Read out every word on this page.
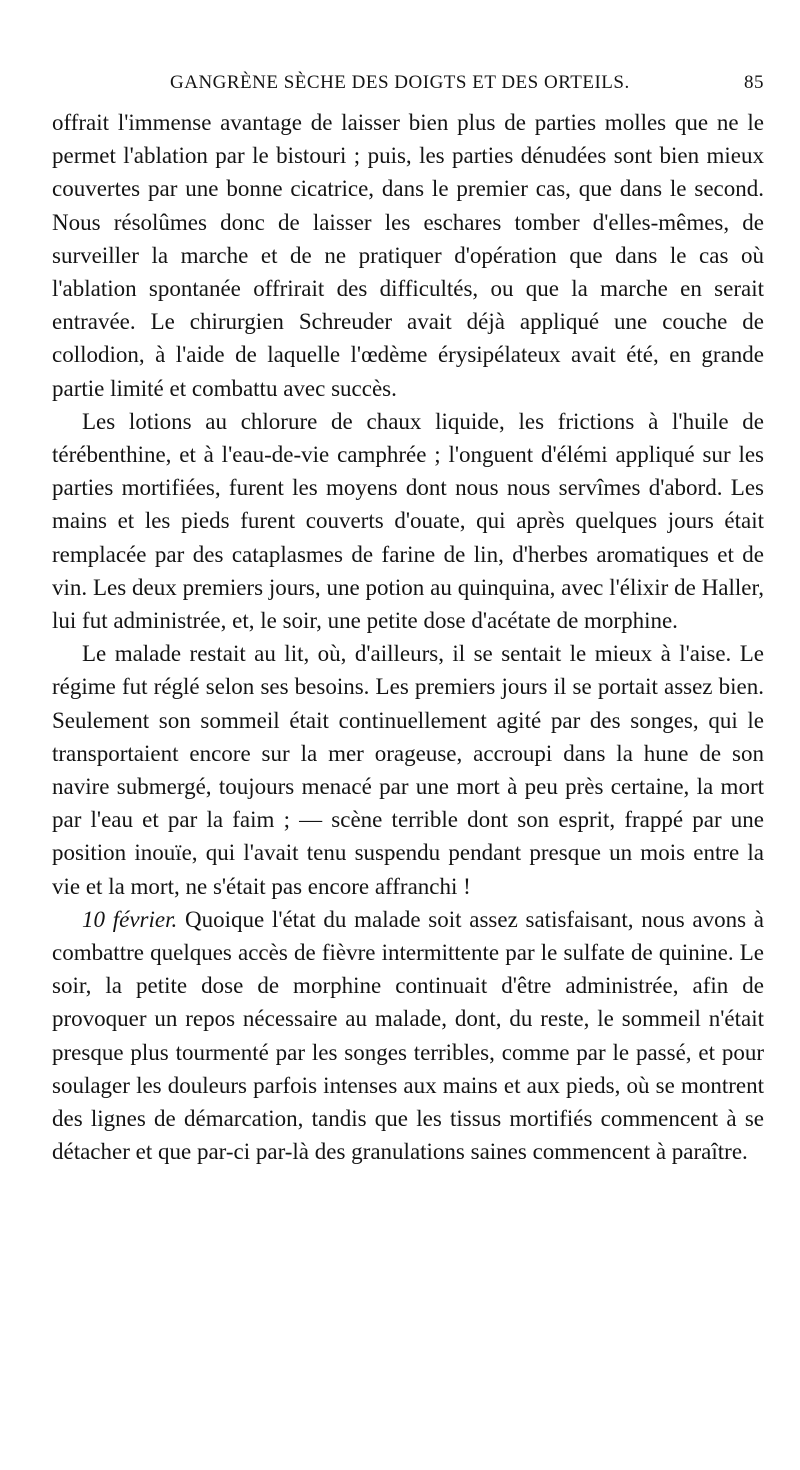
GANGRÈNE SÈCHE DES DOIGTS ET DES ORTEILS.	85

offrait l'immense avantage de laisser bien plus de parties molles que ne le permet l'ablation par le bistouri ; puis, les parties dénudées sont bien mieux couvertes par une bonne cicatrice, dans le premier cas, que dans le second. Nous résolûmes donc de laisser les eschares tomber d'elles-mêmes, de surveiller la marche et de ne pratiquer d'opération que dans le cas où l'ablation spontanée offrirait des difficultés, ou que la marche en serait entravée. Le chirurgien Schreuder avait déjà appliqué une couche de collodion, à l'aide de laquelle l'œdème érysipélateux avait été, en grande partie limité et combattu avec succès.

Les lotions au chlorure de chaux liquide, les frictions à l'huile de térébenthine, et à l'eau-de-vie camphrée ; l'onguent d'élémi appliqué sur les parties mortifiées, furent les moyens dont nous nous servîmes d'abord. Les mains et les pieds furent couverts d'ouate, qui après quelques jours était remplacée par des cataplasmes de farine de lin, d'herbes aromatiques et de vin. Les deux premiers jours, une potion au quinquina, avec l'élixir de Haller, lui fut administrée, et, le soir, une petite dose d'acétate de morphine.

Le malade restait au lit, où, d'ailleurs, il se sentait le mieux à l'aise. Le régime fut réglé selon ses besoins. Les premiers jours il se portait assez bien. Seulement son sommeil était continuellement agité par des songes, qui le transportaient encore sur la mer orageuse, accroupi dans la hune de son navire submergé, toujours menacé par une mort à peu près certaine, la mort par l'eau et par la faim ; — scène terrible dont son esprit, frappé par une position inouïe, qui l'avait tenu suspendu pendant presque un mois entre la vie et la mort, ne s'était pas encore affranchi !

10 février. Quoique l'état du malade soit assez satisfaisant, nous avons à combattre quelques accès de fièvre intermittente par le sulfate de quinine. Le soir, la petite dose de morphine continuait d'être administrée, afin de provoquer un repos nécessaire au malade, dont, du reste, le sommeil n'était presque plus tourmenté par les songes terribles, comme par le passé, et pour soulager les douleurs parfois intenses aux mains et aux pieds, où se montrent des lignes de démarcation, tandis que les tissus mortifiés commencent à se détacher et que par-ci par-là des granulations saines commencent à paraître.
